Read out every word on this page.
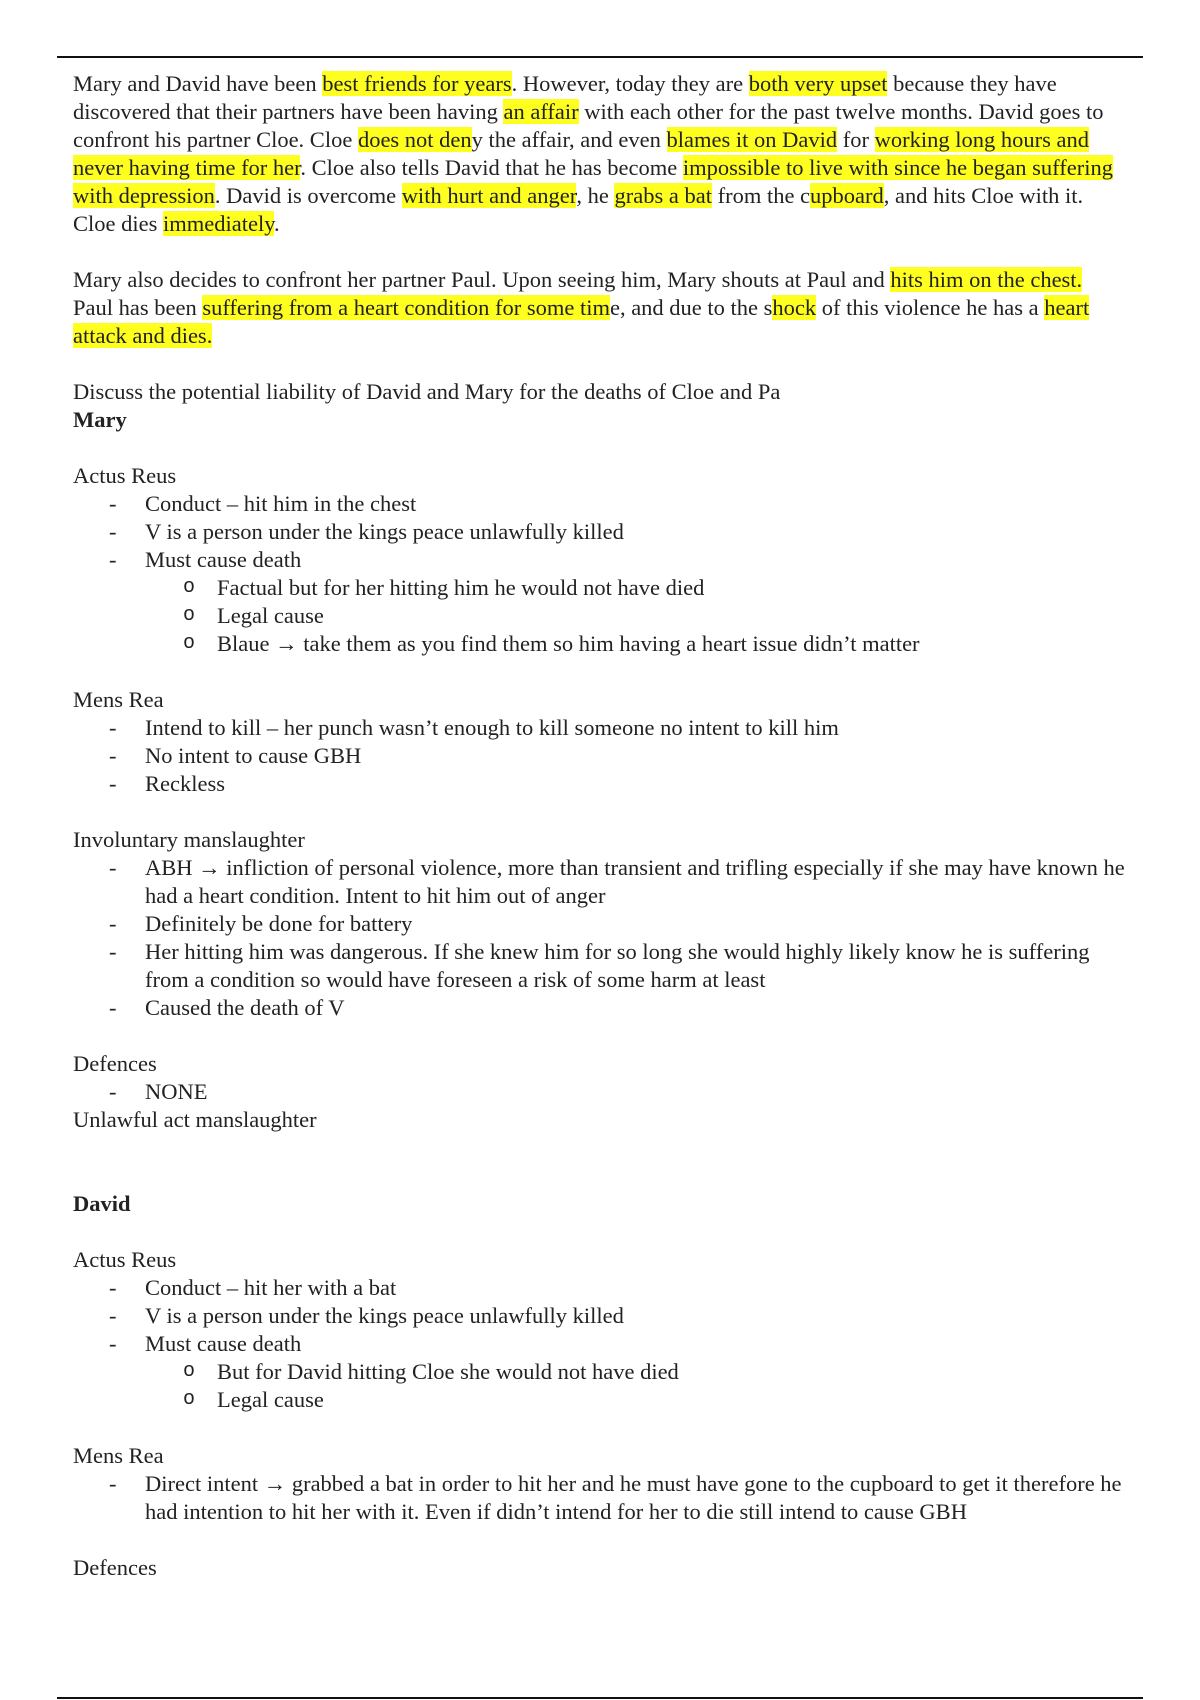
Mary and David have been best friends for years. However, today they are both very upset because they have discovered that their partners have been having an affair with each other for the past twelve months. David goes to confront his partner Cloe. Cloe does not deny the affair, and even blames it on David for working long hours and never having time for her. Cloe also tells David that he has become impossible to live with since he began suffering with depression. David is overcome with hurt and anger, he grabs a bat from the cupboard, and hits Cloe with it. Cloe dies immediately.

Mary also decides to confront her partner Paul. Upon seeing him, Mary shouts at Paul and hits him on the chest. Paul has been suffering from a heart condition for some time, and due to the shock of this violence he has a heart attack and dies.

Discuss the potential liability of David and Mary for the deaths of Cloe and Pa

Mary

Actus Reus

- Conduct – hit him in the chest
- V is a person under the kings peace unlawfully killed
- Must cause death
o Factual but for her hitting him he would not have died
o Legal cause
o Blaue → take them as you find them so him having a heart issue didn’t matter

Mens Rea

- Intend to kill – her punch wasn’t enough to kill someone no intent to kill him
- No intent to cause GBH
- Reckless

Involuntary manslaughter

- ABH → infliction of personal violence, more than transient and trifling especially if she may have known he had a heart condition. Intent to hit him out of anger
- Definitely be done for battery
- Her hitting him was dangerous. If she knew him for so long she would highly likely know he is suffering from a condition so would have foreseen a risk of some harm at least
- Caused the death of V

Defences

- NONE

Unlawful act manslaughter

David

Actus Reus

- Conduct – hit her with a bat
- V is a person under the kings peace unlawfully killed
- Must cause death
o But for David hitting Cloe she would not have died
o Legal cause

Mens Rea

- Direct intent → grabbed a bat in order to hit her and he must have gone to the cupboard to get it therefore he had intention to hit her with it. Even if didn’t intend for her to die still intend to cause GBH

Defences
